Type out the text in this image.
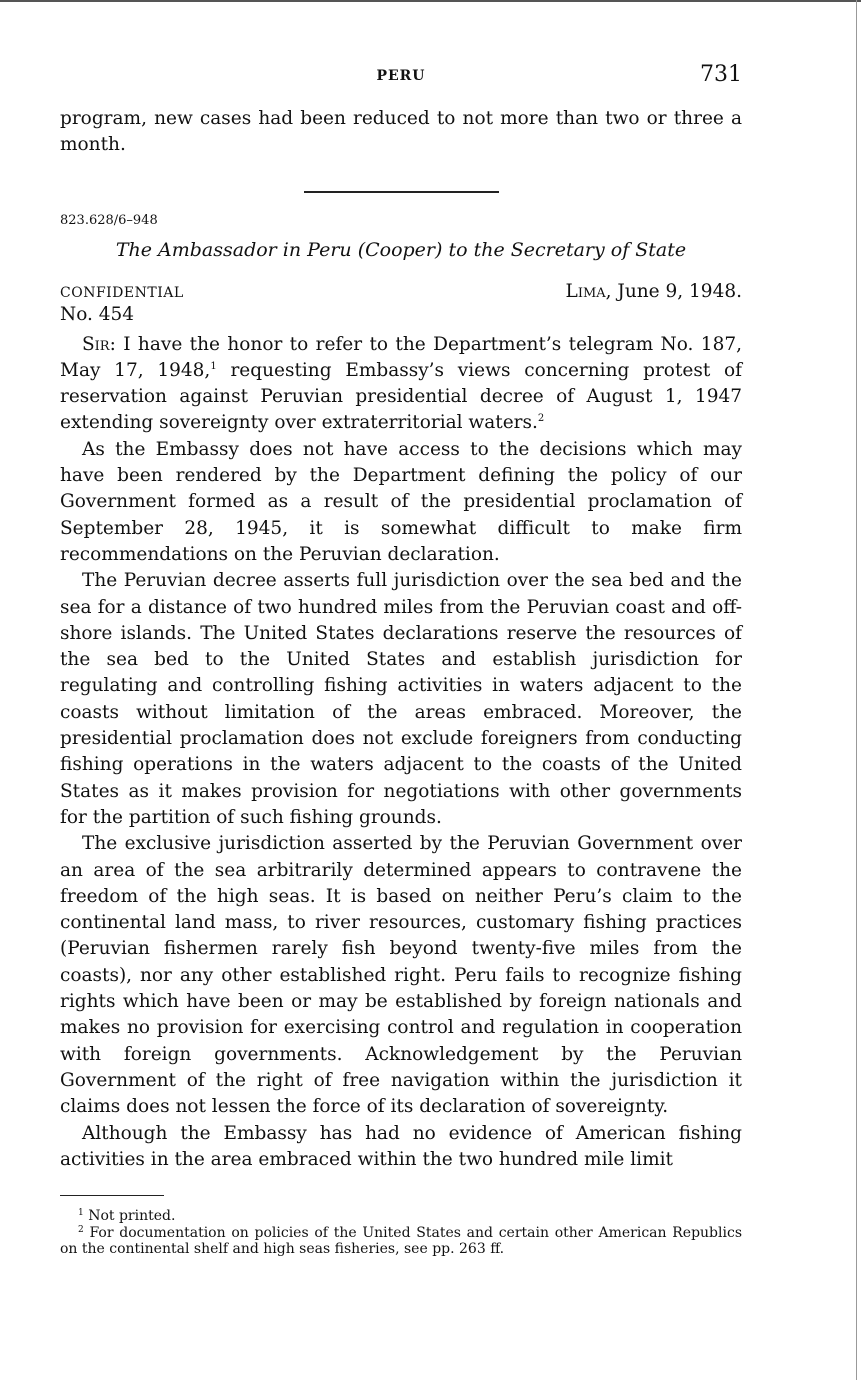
PERU	731

program, new cases had been reduced to not more than two or three a month.

823.628/6–948
The Ambassador in Peru (Cooper) to the Secretary of State
CONFIDENTIAL	Lima, June 9, 1948.
No. 454

Sir: I have the honor to refer to the Department’s telegram No. 187, May 17, 1948,$^1$ requesting Embassy’s views concerning protest of reservation against Peruvian presidential decree of August 1, 1947 extending sovereignty over extraterritorial waters.$^2$

As the Embassy does not have access to the decisions which may have been rendered by the Department defining the policy of our Government formed as a result of the presidential proclamation of September 28, 1945, it is somewhat difficult to make firm recommendations on the Peruvian declaration.

The Peruvian decree asserts full jurisdiction over the sea bed and the sea for a distance of two hundred miles from the Peruvian coast and off-shore islands. The United States declarations reserve the resources of the sea bed to the United States and establish jurisdiction for regulating and controlling fishing activities in waters adjacent to the coasts without limitation of the areas embraced. Moreover, the presidential proclamation does not exclude foreigners from conducting fishing operations in the waters adjacent to the coasts of the United States as it makes provision for negotiations with other governments for the partition of such fishing grounds.

The exclusive jurisdiction asserted by the Peruvian Government over an area of the sea arbitrarily determined appears to contravene the freedom of the high seas. It is based on neither Peru’s claim to the continental land mass, to river resources, customary fishing practices (Peruvian fishermen rarely fish beyond twenty-five miles from the coasts), nor any other established right. Peru fails to recognize fishing rights which have been or may be established by foreign nationals and makes no provision for exercising control and regulation in cooperation with foreign governments. Acknowledgement by the Peruvian Government of the right of free navigation within the jurisdiction it claims does not lessen the force of its declaration of sovereignty.

Although the Embassy has had no evidence of American fishing activities in the area embraced within the two hundred mile limit

$^1$ Not printed.
$^2$ For documentation on policies of the United States and certain other American Republics on the continental shelf and high seas fisheries, see pp. 263 ff.
